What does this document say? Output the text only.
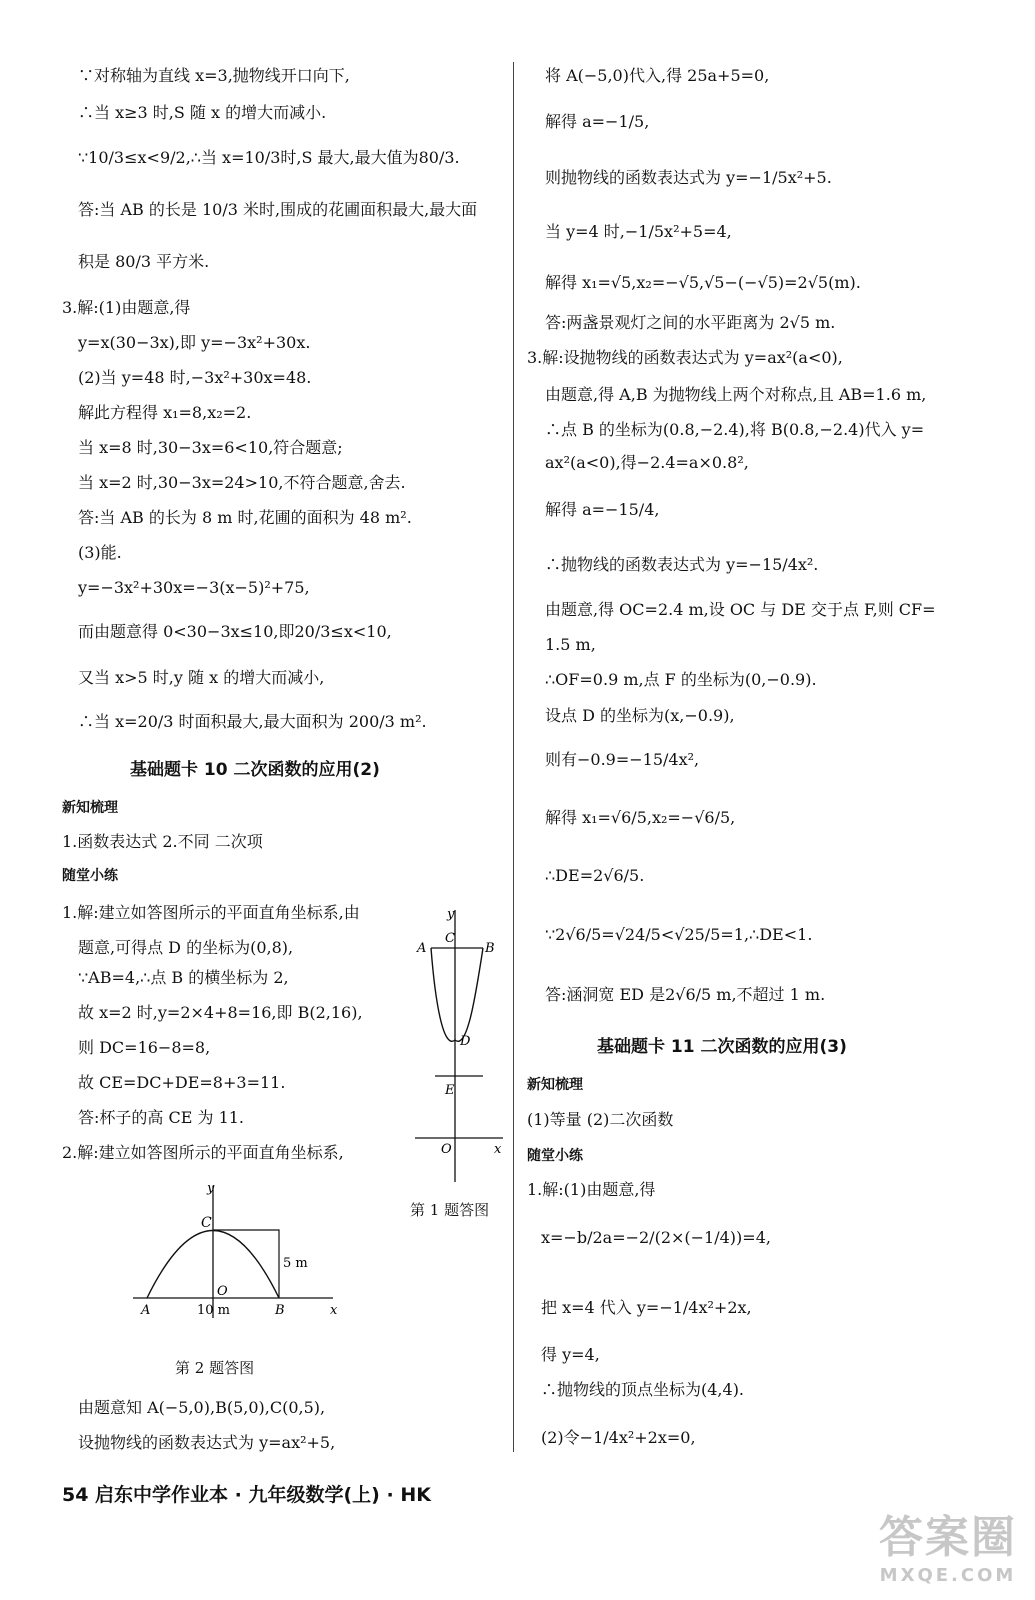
∵对称轴为直线 x=3,抛物线开口向下,
∴当 x≥3 时,S 随 x 的增大而减小.
∵10/3≤x<9/2,∴当 x=10/3时,S 最大,最大值为80/3.
答:当 AB 的长是 10/3 米时,围成的花圃面积最大,最大面
积是 80/3 平方米.
3.解:(1)由题意,得
y=x(30−3x),即 y=−3x²+30x.
(2)当 y=48 时,−3x²+30x=48.
解此方程得 x₁=8,x₂=2.
当 x=8 时,30−3x=6<10,符合题意;
当 x=2 时,30−3x=24>10,不符合题意,舍去.
答:当 AB 的长为 8 m 时,花圃的面积为 48 m².
(3)能.
y=−3x²+30x=−3(x−5)²+75,
而由题意得 0<30−3x≤10,即20/3≤x<10,
又当 x>5 时,y 随 x 的增大而减小,
∴当 x=20/3 时面积最大,最大面积为 200/3 m².
基础题卡 10 二次函数的应用(2)
新知梳理
1.函数表达式 2.不同 二次项
随堂小练
1.解:建立如答图所示的平面直角坐标系,由
题意,可得点 D 的坐标为(0,8),
∵AB=4,∴点 B 的横坐标为 2,
故 x=2 时,y=2×4+8=16,即 B(2,16),
则 DC=16−8=8,
故 CE=DC+DE=8+3=11.
答:杯子的高 CE 为 11.
2.解:建立如答图所示的平面直角坐标系,
y
A	B
C
D
E
O	x
第 1 题答图
y
C
5 m
O
A	10 m	B	x
第 2 题答图
由题意知 A(−5,0),B(5,0),C(0,5),
设抛物线的函数表达式为 y=ax²+5,
将 A(−5,0)代入,得 25a+5=0,
解得 a=−1/5,
则抛物线的函数表达式为 y=−1/5x²+5.
当 y=4 时,−1/5x²+5=4,
解得 x₁=√5,x₂=−√5,√5−(−√5)=2√5(m).
答:两盏景观灯之间的水平距离为 2√5 m.
3.解:设抛物线的函数表达式为 y=ax²(a<0),
由题意,得 A,B 为抛物线上两个对称点,且 AB=1.6 m,
∴点 B 的坐标为(0.8,−2.4),将 B(0.8,−2.4)代入 y=
ax²(a<0),得−2.4=a×0.8²,
解得 a=−15/4,
∴抛物线的函数表达式为 y=−15/4x².
由题意,得 OC=2.4 m,设 OC 与 DE 交于点 F,则 CF=
1.5 m,
∴OF=0.9 m,点 F 的坐标为(0,−0.9).
设点 D 的坐标为(x,−0.9),
则有−0.9=−15/4x²,
解得 x₁=√6/5,x₂=−√6/5,
∴DE=2√6/5.
∵2√6/5=√24/5<√25/5=1,∴DE<1.
答:涵洞宽 ED 是2√6/5 m,不超过 1 m.
基础题卡 11 二次函数的应用(3)
新知梳理
(1)等量 (2)二次函数
随堂小练
1.解:(1)由题意,得
x=−b/2a=−2/(2×(−1/4))=4,
把 x=4 代入 y=−1/4x²+2x,
得 y=4,
∴抛物线的顶点坐标为(4,4).
(2)令−1/4x²+2x=0,
54 启东中学作业本 · 九年级数学(上) · HK
答案圈
MXQE.COM
